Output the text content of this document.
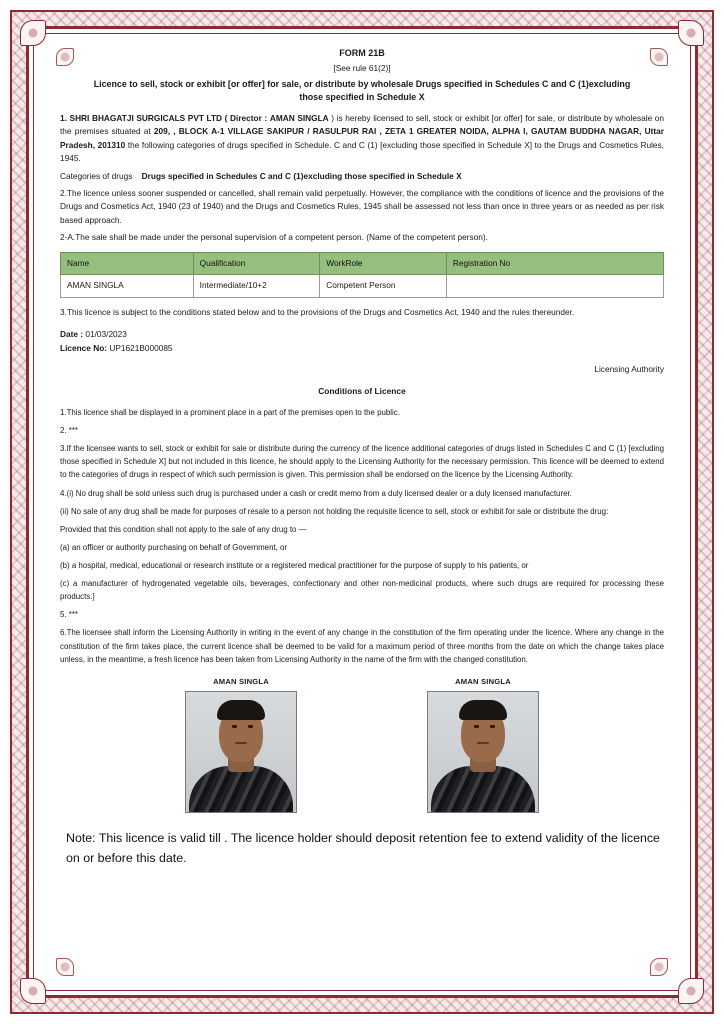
FORM 21B
[See rule 61(2)]
Licence to sell, stock or exhibit [or offer] for sale, or distribute by wholesale Drugs specified in Schedules C and C (1)excluding those specified in Schedule X

1. SHRI BHAGATJI SURGICALS PVT LTD ( Director : AMAN SINGLA ) is hereby licensed to sell, stock or exhibit [or offer] for sale, or distribute by wholesale on the premises situated at 209, , BLOCK A-1 VILLAGE SAKIPUR / RASULPUR RAI , ZETA 1 GREATER NOIDA, ALPHA I, GAUTAM BUDDHA NAGAR, Uttar Pradesh, 201310 the following categories of drugs specified in Schedule. C and C (1) [excluding those specified in Schedule X] to the Drugs and Cosmetics Rules, 1945.

Categories of drugs Drugs specified in Schedules C and C (1)excluding those specified in Schedule X

2.The licence unless sooner suspended or cancelled, shall remain valid perpetually. However, the compliance with the conditions of licence and the provisions of the Drugs and Cosmetics Act, 1940 (23 of 1940) and the Drugs and Cosmetics Rules, 1945 shall be assessed not less than once in three years or as needed as per risk based approach.

2-A.The sale shall be made under the personal supervision of a competent person. (Name of the competent person).

Name	Qualification	WorkRole	Registration No
AMAN SINGLA	Intermediate/10+2	Competent Person	

3.This licence is subject to the conditions stated below and to the provisions of the Drugs and Cosmetics Act, 1940 and the rules thereunder.

Date : 01/03/2023

Licence No: UP1621B000085

Licensing Authority
Conditions of Licence

1.This licence shall be displayed in a prominent place in a part of the premises open to the public.

2. ***

3.If the licensee wants to sell, stock or exhibit for sale or distribute during the currency of the licence additional categories of drugs listed in Schedules C and C (1) [excluding those specified in Schedule X] but not included in this licence, he should apply to the Licensing Authority for the necessary permission. This licence will be deemed to extend to the categories of drugs in respect of which such permission is given. This permission shall be endorsed on the licence by the Licensing Authority.

4.(i) No drug shall be sold unless such drug is purchased under a cash or credit memo from a duly licensed dealer or a duly licensed manufacturer.

(ii) No sale of any drug shall be made for purposes of resale to a person not holding the requisite licence to sell, stock or exhibit for sale or distribute the drug:

Provided that this condition shall not apply to the sale of any drug to —

(a) an officer or authority purchasing on behalf of Government, or

(b) a hospital, medical, educational or research institute or a registered medical practitioner for the purpose of supply to his patients, or

(c) a manufacturer of hydrogenated vegetable oils, beverages, confectionary and other non-medicinal products, where such drugs are required for processing these products.]

5. ***

6.The licensee shall inform the Licensing Authority in writing in the event of any change in the constitution of the firm operating under the licence. Where any change in the constitution of the firm takes place, the current licence shall be deemed to be valid for a maximum period of three months from the date on which the change takes place unless, in the meantime, a fresh licence has been taken from Licensing Authority in the name of the firm with the changed constitution.

AMAN SINGLA	AMAN SINGLA
Note: This licence is valid till . The licence holder should deposit retention fee to extend validity of the licence on or before this date.
